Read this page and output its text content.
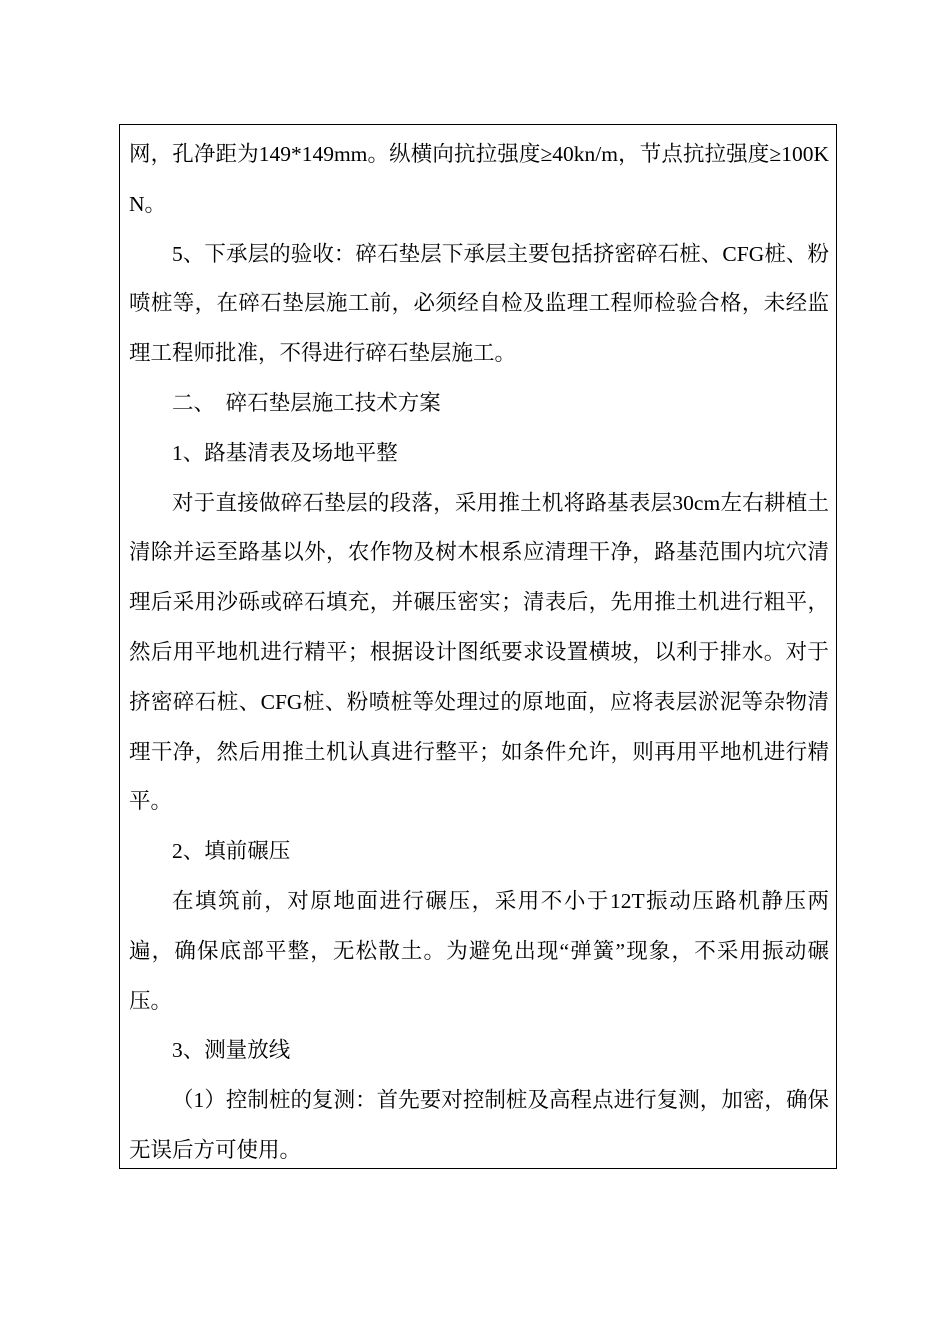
网，孔净距为149*149mm。纵横向抗拉强度≥40kn/m，节点抗拉强度≥100KN。

5、下承层的验收：碎石垫层下承层主要包括挤密碎石桩、CFG桩、粉喷桩等，在碎石垫层施工前，必须经自检及监理工程师检验合格，未经监理工程师批准，不得进行碎石垫层施工。

二、　碎石垫层施工技术方案

1、路基清表及场地平整

对于直接做碎石垫层的段落，采用推土机将路基表层30cm左右耕植土清除并运至路基以外，农作物及树木根系应清理干净，路基范围内坑穴清理后采用沙砾或碎石填充，并碾压密实；清表后，先用推土机进行粗平，然后用平地机进行精平；根据设计图纸要求设置横坡，以利于排水。对于挤密碎石桩、CFG桩、粉喷桩等处理过的原地面，应将表层淤泥等杂物清理干净，然后用推土机认真进行整平；如条件允许，则再用平地机进行精平。

2、填前碾压

在填筑前，对原地面进行碾压，采用不小于12T振动压路机静压两遍，确保底部平整，无松散土。为避免出现“弹簧”现象，不采用振动碾压。

3、测量放线

（1）控制桩的复测：首先要对控制桩及高程点进行复测，加密，确保无误后方可使用。
